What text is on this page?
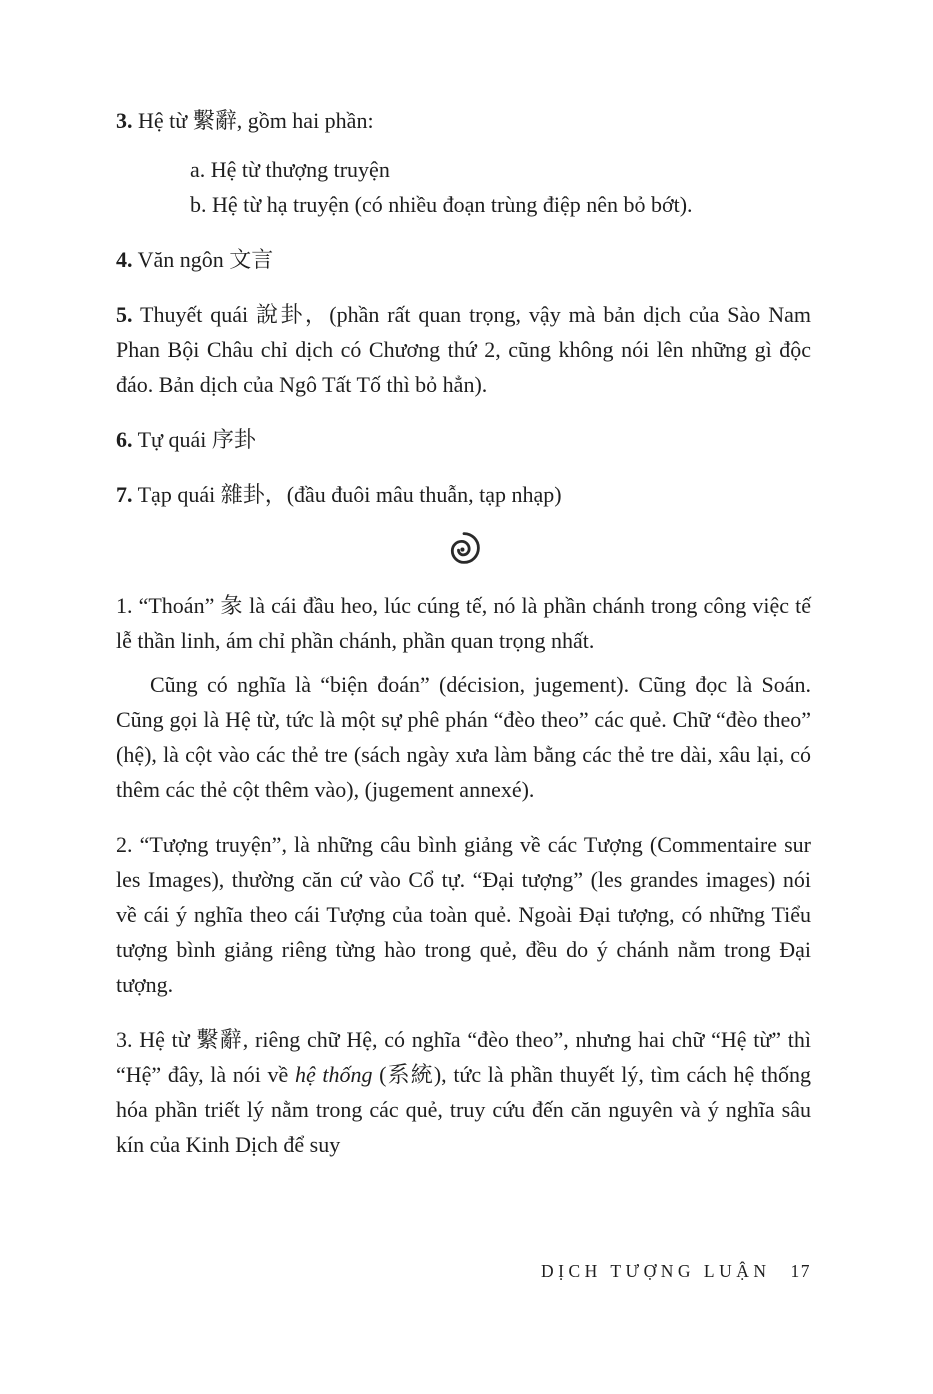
3. Hệ từ 繫辭, gồm hai phần:

a. Hệ từ thượng truyện
b. Hệ từ hạ truyện (có nhiều đoạn trùng điệp nên bỏ bớt).

4. Văn ngôn 文言

5. Thuyết quái 說卦，(phần rất quan trọng, vậy mà bản dịch của Sào Nam Phan Bội Châu chỉ dịch có Chương thứ 2, cũng không nói lên những gì độc đáo. Bản dịch của Ngô Tất Tố thì bỏ hẳn).

6. Tự quái 序卦

7. Tạp quái 雜卦，(đầu đuôi mâu thuẫn, tạp nhạp)

1. “Thoán” 彖 là cái đầu heo, lúc cúng tế, nó là phần chánh trong công việc tế lễ thần linh, ám chỉ phần chánh, phần quan trọng nhất.

Cũng có nghĩa là “biện đoán” (décision, jugement). Cũng đọc là Soán. Cũng gọi là Hệ từ, tức là một sự phê phán “đèo theo” các quẻ. Chữ “đèo theo” (hệ), là cột vào các thẻ tre (sách ngày xưa làm bằng các thẻ tre dài, xâu lại, có thêm các thẻ cột thêm vào), (jugement annexé).

2. “Tượng truyện”, là những câu bình giảng về các Tượng (Commentaire sur les Images), thường căn cứ vào Cổ tự. “Đại tượng” (les grandes images) nói về cái ý nghĩa theo cái Tượng của toàn quẻ. Ngoài Đại tượng, có những Tiểu tượng bình giảng riêng từng hào trong quẻ, đều do ý chánh nằm trong Đại tượng.

3. Hệ từ 繫辭, riêng chữ Hệ, có nghĩa “đèo theo”, nhưng hai chữ “Hệ từ” thì “Hệ” đây, là nói về hệ thống (系統), tức là phần thuyết lý, tìm cách hệ thống hóa phần triết lý nằm trong các quẻ, truy cứu đến căn nguyên và ý nghĩa sâu kín của Kinh Dịch để suy

DỊCH TƯỢNG LUẬN 17
